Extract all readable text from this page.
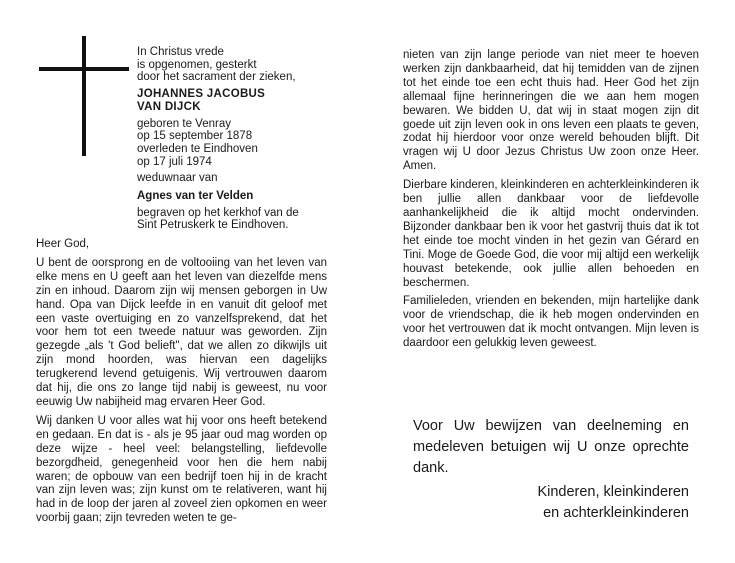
In Christus vrede
is opgenomen, gesterkt
door het sacrament der zieken,
JOHANNES JACOBUS
VAN DIJCK
geboren te Venray
op 15 september 1878
overleden te Eindhoven
op 17 juli 1974
weduwnaar van
Agnes van ter Velden
begraven op het kerkhof van de
Sint Petruskerk te Eindhoven.

Heer God,

U bent de oorsprong en de voltooiing van het leven van elke mens en U geeft aan het leven van diezelfde mens zin en inhoud. Daarom zijn wij mensen geborgen in Uw hand. Opa van Dijck leefde in en vanuit dit geloof met een vaste overtuiging en zo vanzelfsprekend, dat het voor hem tot een tweede natuur was geworden. Zijn gezegde „als 't God belieft", dat we allen zo dikwijls uit zijn mond hoorden, was hiervan een dagelijks terugkerend levend getuigenis. Wij vertrouwen daarom dat hij, die ons zo lange tijd nabij is geweest, nu voor eeuwig Uw nabijheid mag ervaren Heer God.

Wij danken U voor alles wat hij voor ons heeft betekend en gedaan. En dat is - als je 95 jaar oud mag worden op deze wijze - heel veel: belangstelling, liefdevolle bezorgdheid, genegenheid voor hen die hem nabij waren; de opbouw van een bedrijf toen hij in de kracht van zijn leven was; zijn kunst om te relativeren, want hij had in de loop der jaren al zoveel zien opkomen en weer voorbij gaan; zijn tevreden weten te ge-

nieten van zijn lange periode van niet meer te hoeven werken zijn dankbaarheid, dat hij temidden van de zijnen tot het einde toe een echt thuis had. Heer God het zijn allemaal fijne herinneringen die we aan hem mogen bewaren. We bidden U, dat wij in staat mogen zijn dit goede uit zijn leven ook in ons leven een plaats te geven, zodat hij hierdoor voor onze wereld behouden blijft. Dit vragen wij U door Jezus Christus Uw zoon onze Heer. Amen.

Dierbare kinderen, kleinkinderen en achterkleinkinderen ik ben jullie allen dankbaar voor de liefdevolle aanhankelijkheid die ik altijd mocht ondervinden. Bijzonder dankbaar ben ik voor het gastvrij thuis dat ik tot het einde toe mocht vinden in het gezin van Gérard en Tini. Moge de Goede God, die voor mij altijd een werkelijk houvast betekende, ook jullie allen behoeden en beschermen.

Familieleden, vrienden en bekenden, mijn hartelijke dank voor de vriendschap, die ik heb mogen ondervinden en voor het vertrouwen dat ik mocht ontvangen. Mijn leven is daardoor een gelukkig leven geweest.

Voor Uw bewijzen van deelneming en medeleven betuigen wij U onze oprechte dank.
Kinderen, kleinkinderen
en achterkleinkinderen
